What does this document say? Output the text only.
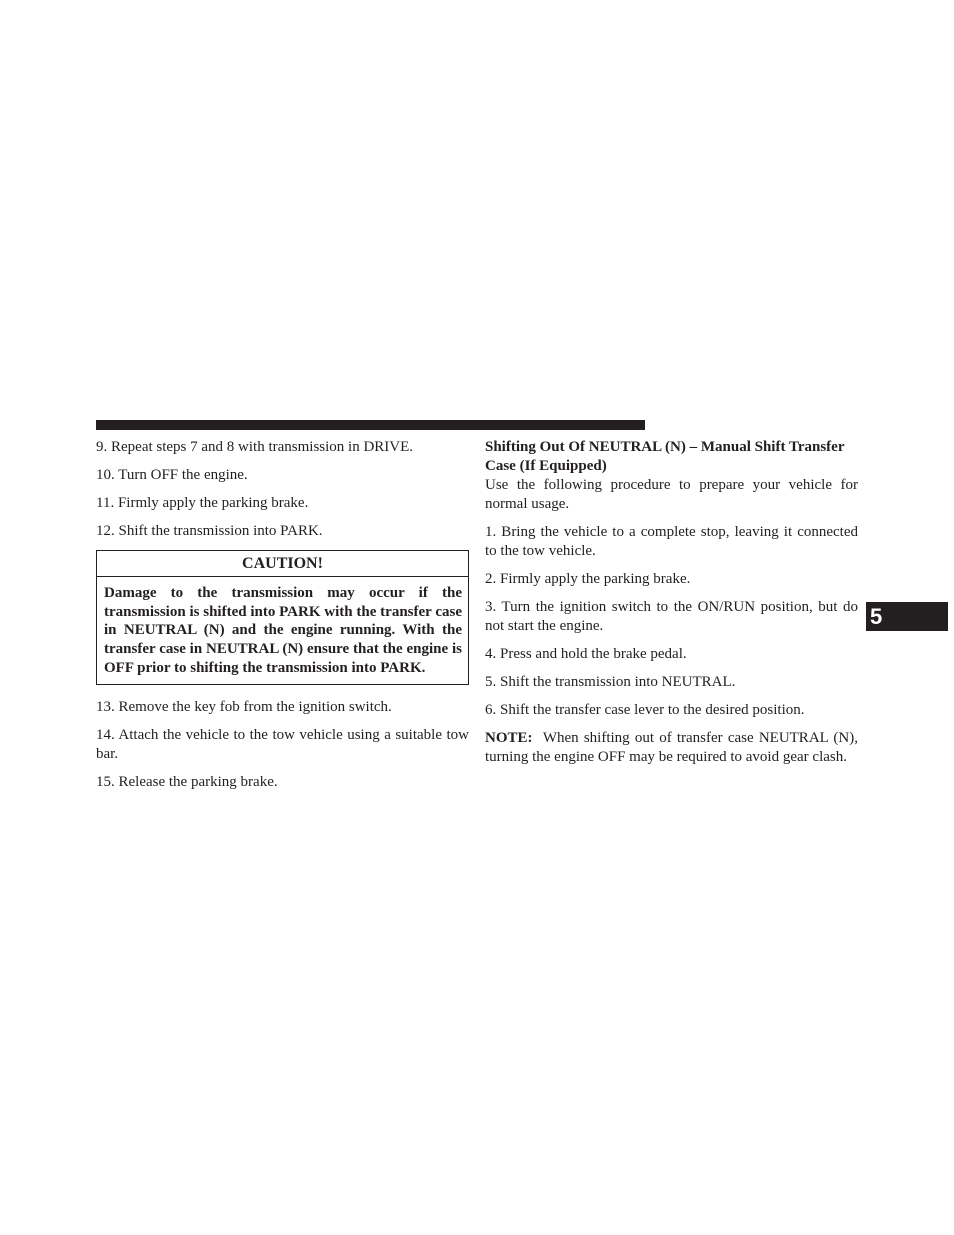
9. Repeat steps 7 and 8 with transmission in DRIVE.

10. Turn OFF the engine.

11. Firmly apply the parking brake.

12. Shift the transmission into PARK.

CAUTION!
Damage to the transmission may occur if the transmission is shifted into PARK with the transfer case in NEUTRAL (N) and the engine running. With the transfer case in NEUTRAL (N) ensure that the engine is OFF prior to shifting the transmission into PARK.

13. Remove the key fob from the ignition switch.

14. Attach the vehicle to the tow vehicle using a suitable tow bar.

15. Release the parking brake.

Shifting Out Of NEUTRAL (N) – Manual Shift Transfer Case (If Equipped)

Use the following procedure to prepare your vehicle for normal usage.

1. Bring the vehicle to a complete stop, leaving it connected to the tow vehicle.

2. Firmly apply the parking brake.

3. Turn the ignition switch to the ON/RUN position, but do not start the engine.

4. Press and hold the brake pedal.

5. Shift the transmission into NEUTRAL.

6. Shift the transfer case lever to the desired position.

NOTE: When shifting out of transfer case NEUTRAL (N), turning the engine OFF may be required to avoid gear clash.

5
